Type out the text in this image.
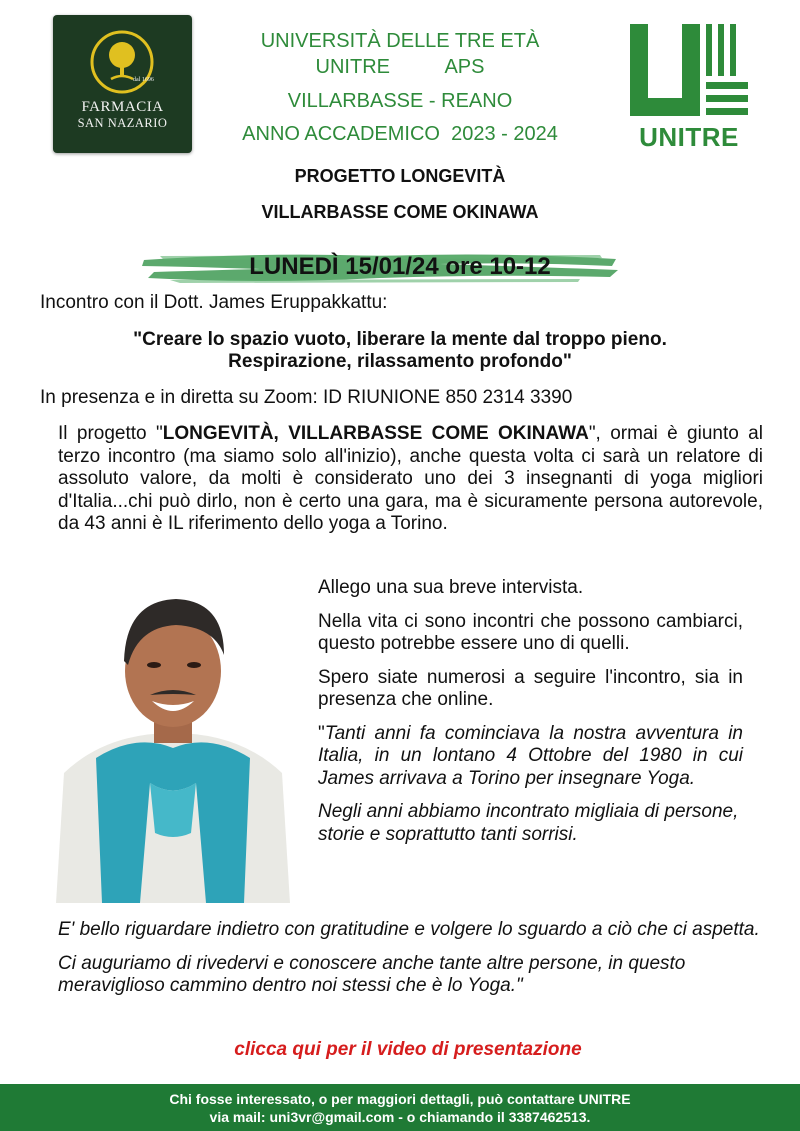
dal 1696
FARMACIA
SAN NAZARIO
UNIVERSITÀ DELLE TRE ETÀ
UNITRE          APS
VILLARBASSE - REANO
ANNO ACCADEMICO  2023 - 2024	UNITRE
PROGETTO LONGEVITÀ
VILLARBASSE COME OKINAWA
LUNEDÌ 15/01/24 ore 10-12
Incontro con il Dott. James Eruppakkattu:
"Creare lo spazio vuoto, liberare la mente dal troppo pieno.
Respirazione, rilassamento profondo"
In presenza e in diretta su Zoom: ID RIUNIONE 850 2314 3390
Il progetto "LONGEVITÀ, VILLARBASSE COME OKINAWA", ormai è giunto al terzo incontro (ma siamo solo all'inizio), anche questa volta ci sarà un relatore di assoluto valore, da molti è considerato uno dei 3 insegnanti di yoga migliori d'Italia...chi può dirlo, non è certo una gara, ma è sicuramente persona autorevole, da 43 anni è IL riferimento dello yoga a Torino.

Allego una sua breve intervista.

Nella vita ci sono incontri che possono cambiarci, questo potrebbe essere uno di quelli.

Spero siate numerosi a seguire l'incontro, sia in presenza che online.

"Tanti anni fa cominciava la nostra avventura in Italia, in un lontano 4 Ottobre del 1980 in cui James arrivava a Torino per insegnare Yoga.

Negli anni abbiamo incontrato migliaia di persone, storie e soprattutto tanti sorrisi.

E' bello riguardare indietro con gratitudine e volgere lo sguardo a ciò che ci aspetta.

Ci auguriamo di rivedervi e conoscere anche tante altre persone, in questo meraviglioso cammino dentro noi stessi che è lo Yoga."

clicca qui per il video di presentazione
Chi fosse interessato, o per maggiori dettagli, può contattare UNITRE
via mail: uni3vr@gmail.com - o chiamando il 3387462513.
